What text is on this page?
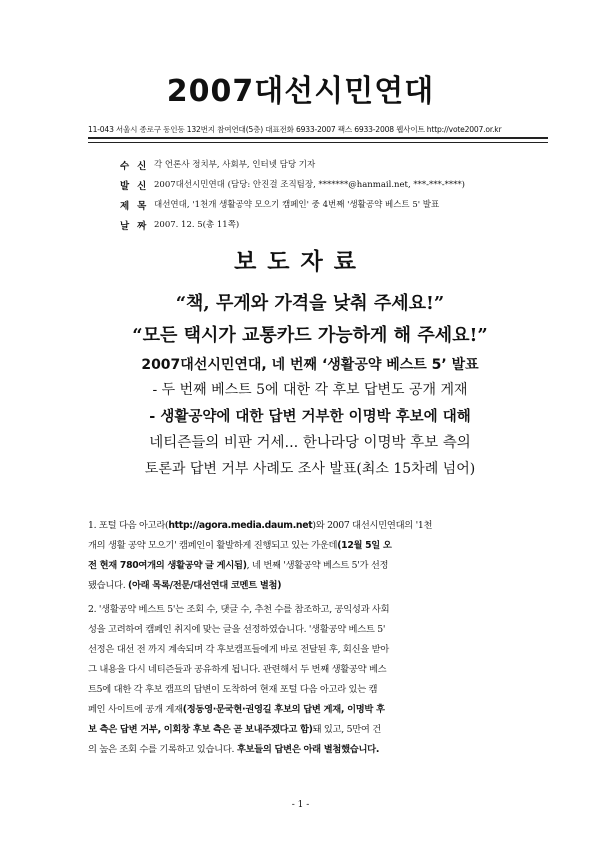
2007대선시민연대
11-043 서울시 종로구 동인동 132번지 참여연대(5층) 대표전화 6933-2007 팩스 6933-2008 웹사이트 http://vote2007.or.kr
수신 각 언론사 정치부, 사회부, 인터넷 담당 기자
발신 2007대선시민연대 (담당: 안진걸 조직팀장, *******@hanmail.net, ***-***-****)
제목 대선연대, '1천개 생활공약 모으기 캠페인' 중 4번째 '생활공약 베스트 5' 발표
날짜 2007. 12. 5(총 11쪽)
보도자료
“책, 무게와 가격을 낮춰 주세요!”
“모든 택시가 교통카드 가능하게 해 주세요!”
2007대선시민연대, 네 번째 ‘생활공약 베스트 5’ 발표
- 두 번째 베스트 5에 대한 각 후보 답변도 공개 게재
- 생활공약에 대한 답변 거부한 이명박 후보에 대해
네티즌들의 비판 거세... 한나라당 이명박 후보 측의
토론과 답변 거부 사례도 조사 발표(최소 15차례 넘어)
1. 포털 다음 아고라(http://agora.media.daum.net)와 2007 대선시민연대의 '1천
개의 생활 공약 모으기' 캠페인이 활발하게 진행되고 있는 가운데(12월 5일 오
전 현재 780여개의 생활공약 글 게시됨), 네 번째 '생활공약 베스트 5'가 선정
됐습니다. (아래 목록/전문/대선연대 코멘트 별첨)
2. '생활공약 베스트 5'는 조회 수, 댓글 수, 추천 수를 참조하고, 공익성과 사회
성을 고려하여 캠페인 취지에 맞는 글을 선정하였습니다. '생활공약 베스트 5'
선정은 대선 전 까지 계속되며 각 후보캠프들에게 바로 전달된 후, 회신을 받아
그 내용을 다시 네티즌들과 공유하게 됩니다. 관련해서 두 번째 생활공약 베스
트5에 대한 각 후보 캠프의 답변이 도착하여 현재 포털 다음 아고라 있는 캠
페인 사이트에 공개 게재(정동영·문국현·권영길 후보의 답변 게재, 이명박 후
보 측은 답변 거부, 이회창 후보 측은 곧 보내주겠다고 함)돼 있고, 5만여 건
의 높은 조회 수를 기록하고 있습니다. 후보들의 답변은 아래 별첨했습니다.
- 1 -
